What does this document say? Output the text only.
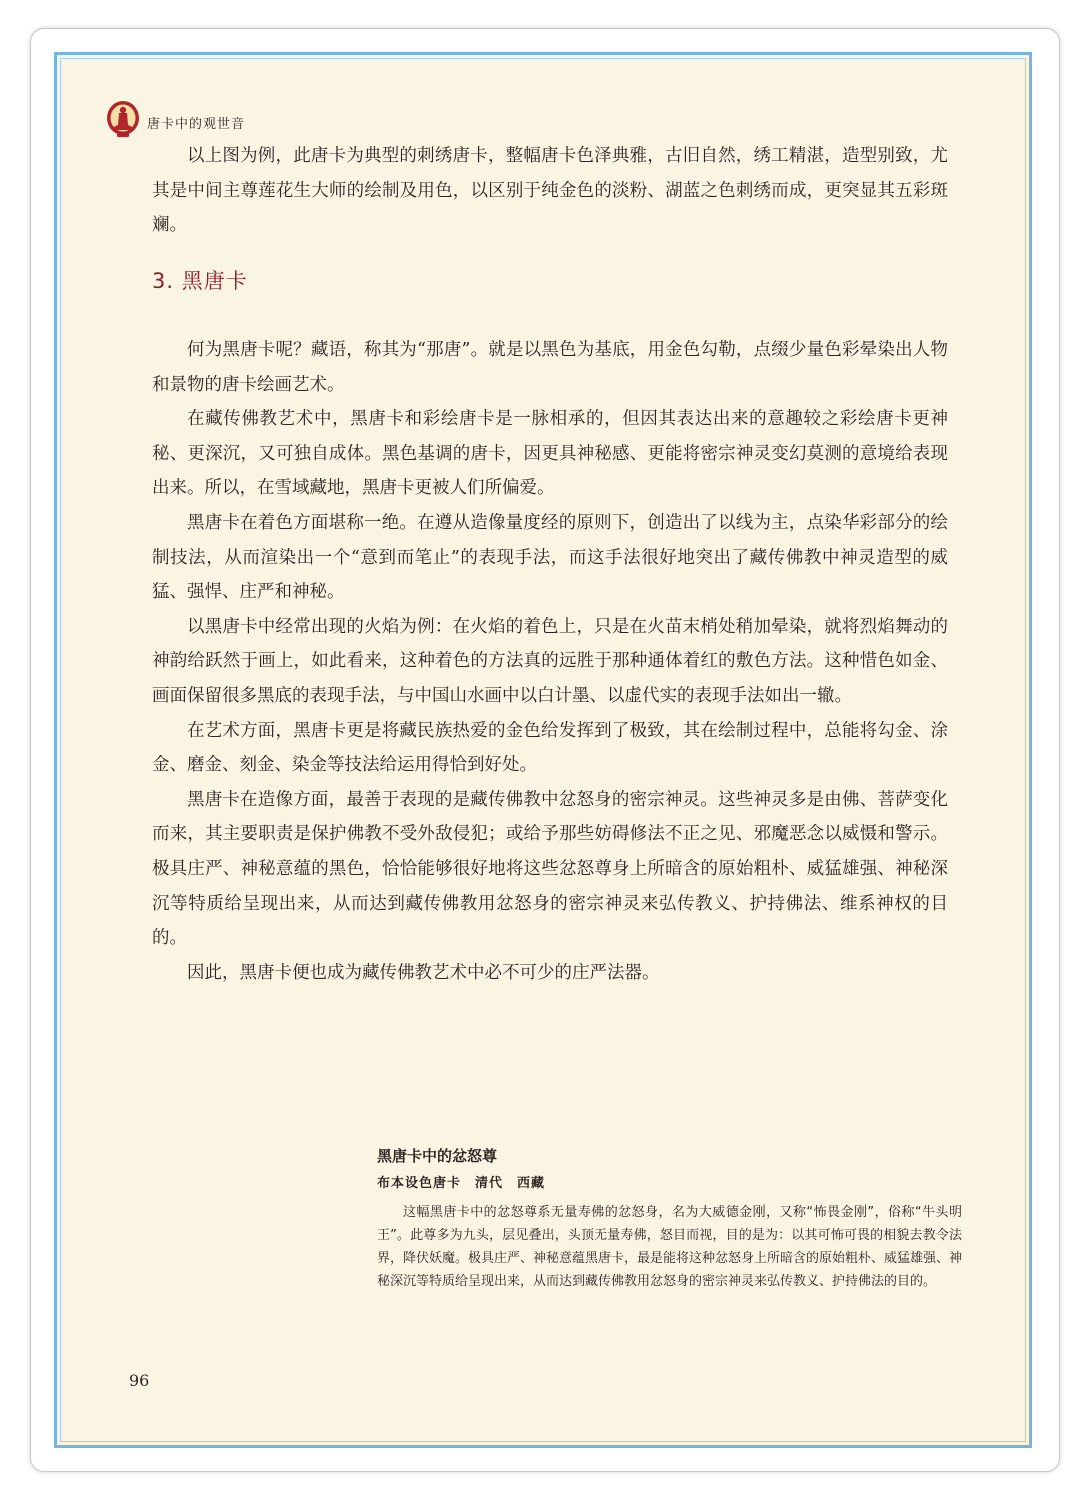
唐卡中的观世音

以上图为例，此唐卡为典型的刺绣唐卡，整幅唐卡色泽典雅，古旧自然，绣工精湛，造型别致，尤其是中间主尊莲花生大师的绘制及用色，以区别于纯金色的淡粉、湖蓝之色刺绣而成，更突显其五彩斑斓。

3. 黑唐卡

何为黑唐卡呢？藏语，称其为“那唐”。就是以黑色为基底，用金色勾勒，点缀少量色彩晕染出人物和景物的唐卡绘画艺术。

在藏传佛教艺术中，黑唐卡和彩绘唐卡是一脉相承的，但因其表达出来的意趣较之彩绘唐卡更神秘、更深沉，又可独自成体。黑色基调的唐卡，因更具神秘感、更能将密宗神灵变幻莫测的意境给表现出来。所以，在雪域藏地，黑唐卡更被人们所偏爱。

黑唐卡在着色方面堪称一绝。在遵从造像量度经的原则下，创造出了以线为主，点染华彩部分的绘制技法，从而渲染出一个“意到而笔止”的表现手法，而这手法很好地突出了藏传佛教中神灵造型的威猛、强悍、庄严和神秘。

以黑唐卡中经常出现的火焰为例：在火焰的着色上，只是在火苗末梢处稍加晕染，就将烈焰舞动的神韵给跃然于画上，如此看来，这种着色的方法真的远胜于那种通体着红的敷色方法。这种惜色如金、画面保留很多黑底的表现手法，与中国山水画中以白计墨、以虚代实的表现手法如出一辙。

在艺术方面，黑唐卡更是将藏民族热爱的金色给发挥到了极致，其在绘制过程中，总能将勾金、涂金、磨金、刻金、染金等技法给运用得恰到好处。

黑唐卡在造像方面，最善于表现的是藏传佛教中忿怒身的密宗神灵。这些神灵多是由佛、菩萨变化而来，其主要职责是保护佛教不受外敌侵犯；或给予那些妨碍修法不正之见、邪魔恶念以威慑和警示。极具庄严、神秘意蕴的黑色，恰恰能够很好地将这些忿怒尊身上所暗含的原始粗朴、威猛雄强、神秘深沉等特质给呈现出来，从而达到藏传佛教用忿怒身的密宗神灵来弘传教义、护持佛法、维系神权的目的。

因此，黑唐卡便也成为藏传佛教艺术中必不可少的庄严法器。

黑唐卡中的忿怒尊
布本设色唐卡　清代　西藏

这幅黑唐卡中的忿怒尊系无量寿佛的忿怒身，名为大威德金刚，又称“怖畏金刚”，俗称“牛头明王”。此尊多为九头，层见叠出，头顶无量寿佛，怒目而视，目的是为：以其可怖可畏的相貌去教令法界，降伏妖魔。极具庄严、神秘意蕴黑唐卡，最是能将这种忿怒身上所暗含的原始粗朴、威猛雄强、神秘深沉等特质给呈现出来，从而达到藏传佛教用忿怒身的密宗神灵来弘传教义、护持佛法的目的。

96
